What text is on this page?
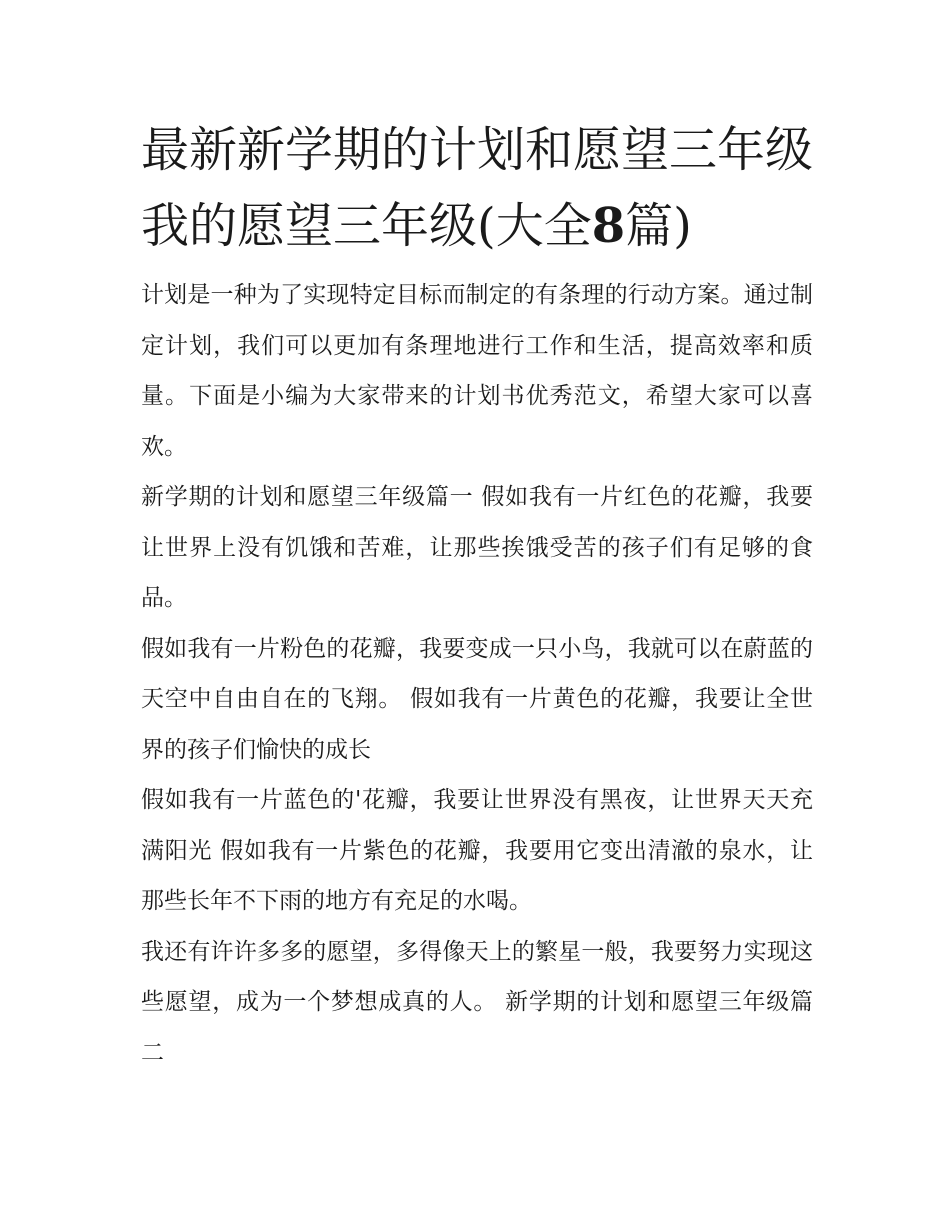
最新新学期的计划和愿望三年级 我的愿望三年级(大全8篇)

计划是一种为了实现特定目标而制定的有条理的行动方案。通过制定计划，我们可以更加有条理地进行工作和生活，提高效率和质量。下面是小编为大家带来的计划书优秀范文，希望大家可以喜欢。

新学期的计划和愿望三年级篇一 假如我有一片红色的花瓣，我要让世界上没有饥饿和苦难，让那些挨饿受苦的孩子们有足够的食品。

假如我有一片粉色的花瓣，我要变成一只小鸟，我就可以在蔚蓝的天空中自由自在的飞翔。 假如我有一片黄色的花瓣，我要让全世界的孩子们愉快的成长

假如我有一片蓝色的'花瓣，我要让世界没有黑夜，让世界天天充满阳光 假如我有一片紫色的花瓣，我要用它变出清澈的泉水，让那些长年不下雨的地方有充足的水喝。

我还有许许多多的愿望，多得像天上的繁星一般，我要努力实现这些愿望，成为一个梦想成真的人。 新学期的计划和愿望三年级篇二
